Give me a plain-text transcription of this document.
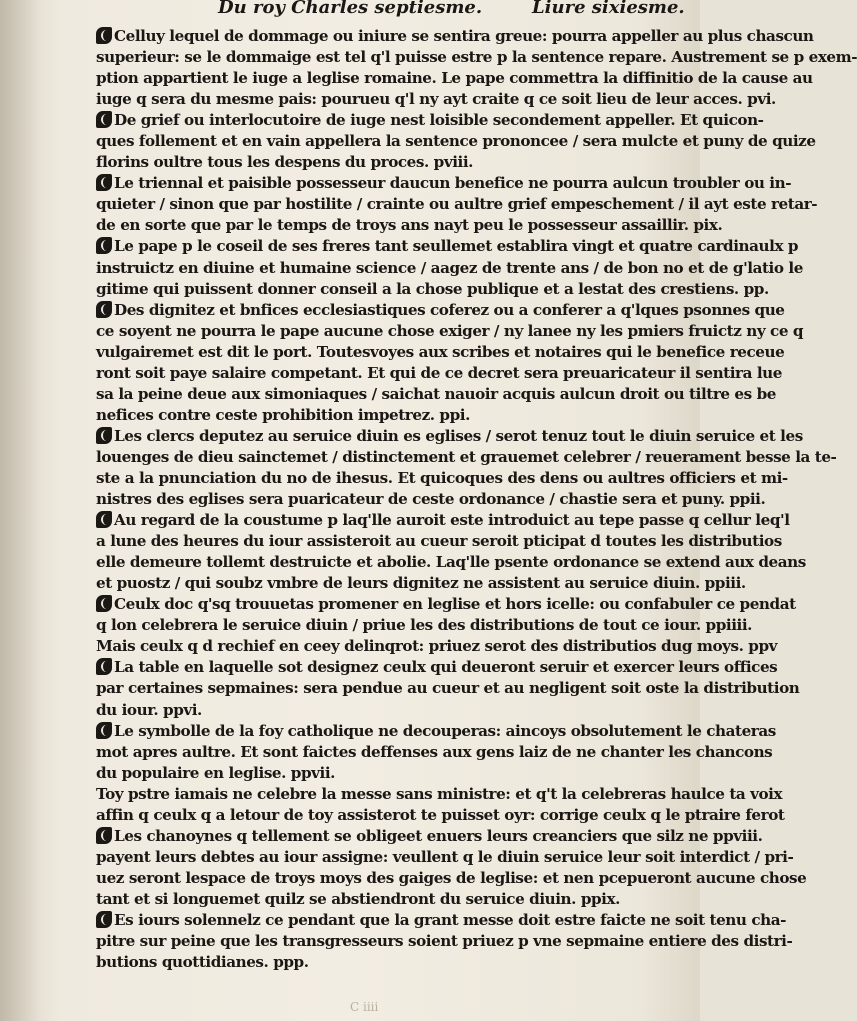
Du roy Charles septiesme.	Liure sixiesme.
Celluy lequel de dommage ou iniure se sentira greue: pourra appeller au plus chascun
superieur: se le dommaige est tel q'l puisse estre p la sentence repare. Austrement se p exem-
ption appartient le iuge a leglise romaine. Le pape commettra la diffinitio de la cause au
iuge q sera du mesme pais: pourueu q'l ny ayt craite q ce soit lieu de leur acces. pvi.
De grief ou interlocutoire de iuge nest loisible secondement appeller. Et quicon-
ques follement et en vain appellera la sentence prononcee / sera mulcte et puny de quize
florins oultre tous les despens du proces. pviii.
Le triennal et paisible possesseur daucun benefice ne pourra aulcun troubler ou in-
quieter / sinon que par hostilite / crainte ou aultre grief empeschement / il ayt este retar-
de en sorte que par le temps de troys ans nayt peu le possesseur assaillir. pix.
Le pape p le coseil de ses freres tant seullemet establira vingt et quatre cardinaulx p
instruictz en diuine et humaine science / aagez de trente ans / de bon no et de g'latio le
gitime qui puissent donner conseil a la chose publique et a lestat des crestiens. pp.
Des dignitez et bnfices ecclesiastiques coferez ou a conferer a q'lques psonnes que
ce soyent ne pourra le pape aucune chose exiger / ny lanee ny les pmiers fruictz ny ce q
vulgairemet est dit le port. Toutesvoyes aux scribes et notaires qui le benefice receue
ront soit paye salaire competant. Et qui de ce decret sera preuaricateur il sentira lue
sa la peine deue aux simoniaques / saichat nauoir acquis aulcun droit ou tiltre es be
nefices contre ceste prohibition impetrez. ppi.
Les clercs deputez au seruice diuin es eglises / serot tenuz tout le diuin seruice et les
louenges de dieu sainctemet / distinctement et grauemet celebrer / reuerament besse la te-
ste a la pnunciation du no de ihesus. Et quicoques des dens ou aultres officiers et mi-
nistres des eglises sera puaricateur de ceste ordonance / chastie sera et puny. ppii.
Au regard de la coustume p laq'lle auroit este introduict au tepe passe q cellur leq'l
a lune des heures du iour assisteroit au cueur seroit pticipat d toutes les distributios
elle demeure tollemt destruicte et abolie. Laq'lle psente ordonance se extend aux deans
et puostz / qui soubz vmbre de leurs dignitez ne assistent au seruice diuin. ppiii.
Ceulx doc q'sq trouuetas promener en leglise et hors icelle: ou confabuler ce pendat
q lon celebrera le seruice diuin / priue les des distributions de tout ce iour. ppiiii.
Mais ceulx q d rechief en ceey delinqrot: priuez serot des distributios dug moys. ppv
La table en laquelle sot designez ceulx qui deueront seruir et exercer leurs offices
par certaines sepmaines: sera pendue au cueur et au negligent soit oste la distribution
du iour. ppvi.
Le symbolle de la foy catholique ne decouperas: aincoys obsolutement le chateras
mot apres aultre. Et sont faictes deffenses aux gens laiz de ne chanter les chancons
du populaire en leglise. ppvii.
Toy pstre iamais ne celebre la messe sans ministre: et q't la celebreras haulce ta voix
affin q ceulx q a letour de toy assisterot te puisset oyr: corrige ceulx q le ptraire ferot
Les chanoynes q tellement se obligeet enuers leurs creanciers que silz ne ppviii.
payent leurs debtes au iour assigne: veullent q le diuin seruice leur soit interdict / pri-
uez seront lespace de troys moys des gaiges de leglise: et nen pcepueront aucune chose
tant et si longuemet quilz se abstiendront du seruice diuin. ppix.
Es iours solennelz ce pendant que la grant messe doit estre faicte ne soit tenu cha-
pitre sur peine que les transgresseurs soient priuez p vne sepmaine entiere des distri-
butions quottidianes. ppp.
C iiii
